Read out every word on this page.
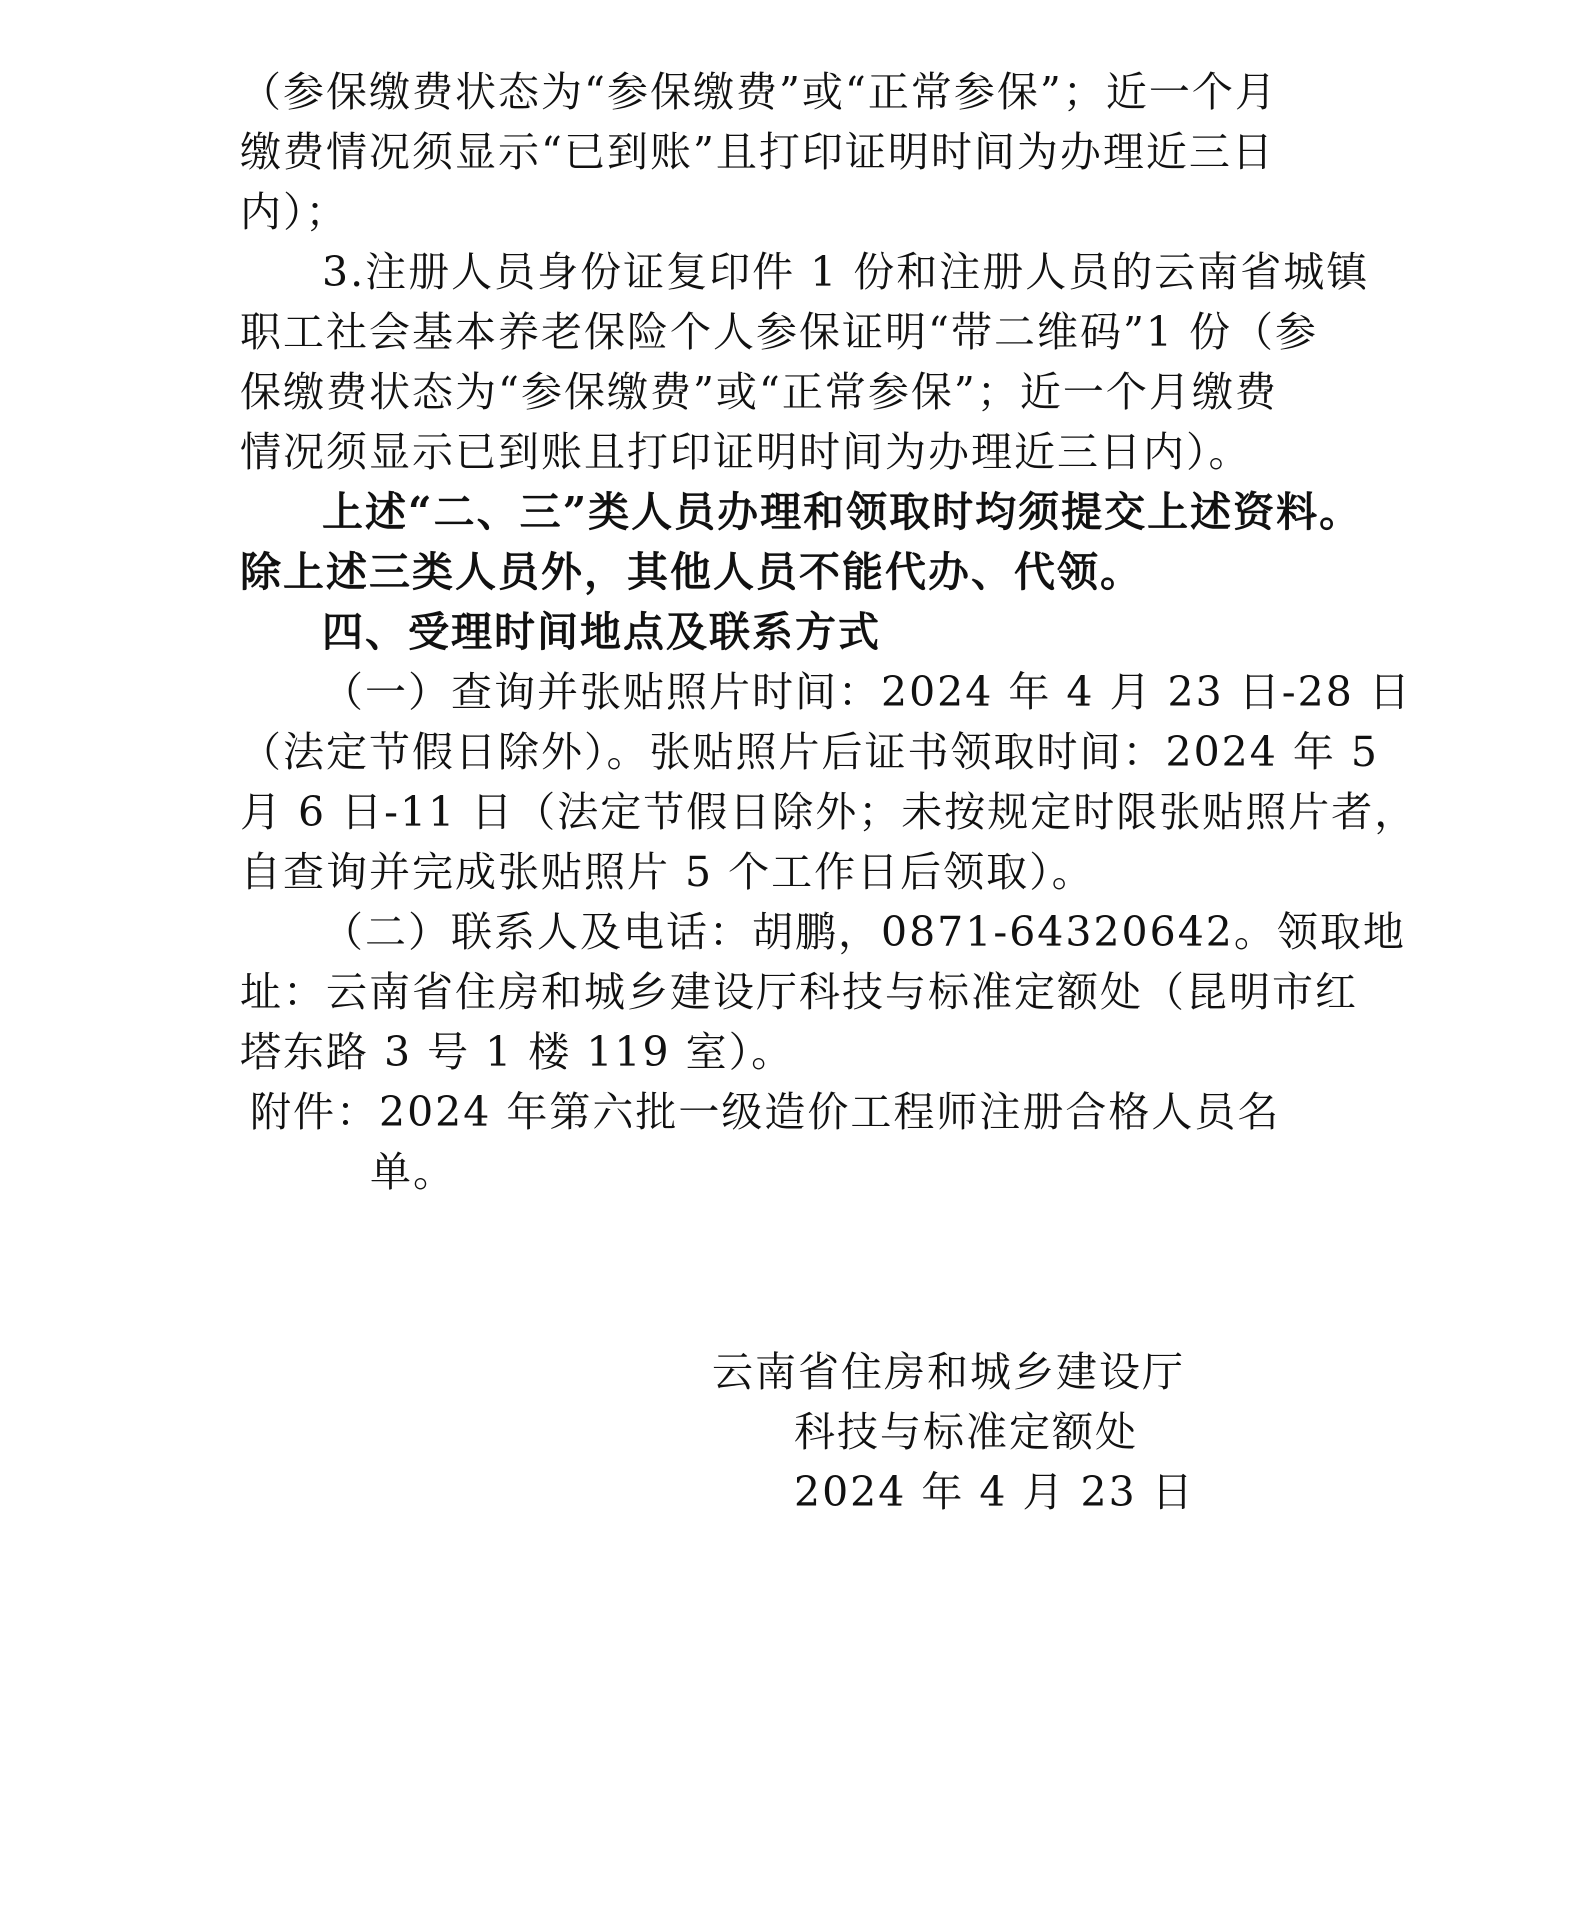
（参保缴费状态为“参保缴费”或“正常参保”；近一个月
缴费情况须显示“已到账”且打印证明时间为办理近三日
内）；
3.注册人员身份证复印件 1 份和注册人员的云南省城镇
职工社会基本养老保险个人参保证明“带二维码”1 份（参
保缴费状态为“参保缴费”或“正常参保”；近一个月缴费
情况须显示已到账且打印证明时间为办理近三日内）。
上述“二、三”类人员办理和领取时均须提交上述资料。
除上述三类人员外，其他人员不能代办、代领。
四、受理时间地点及联系方式
（一）查询并张贴照片时间：2024 年 4 月 23 日-28 日
（法定节假日除外）。张贴照片后证书领取时间：2024 年 5
月 6 日-11 日（法定节假日除外；未按规定时限张贴照片者，
自查询并完成张贴照片 5 个工作日后领取）。
（二）联系人及电话：胡鹏，0871-64320642。领取地
址：云南省住房和城乡建设厅科技与标准定额处（昆明市红
塔东路 3 号 1 楼 119 室）。
附件：2024 年第六批一级造价工程师注册合格人员名
单。
云南省住房和城乡建设厅
科技与标准定额处
2024 年 4 月 23 日
